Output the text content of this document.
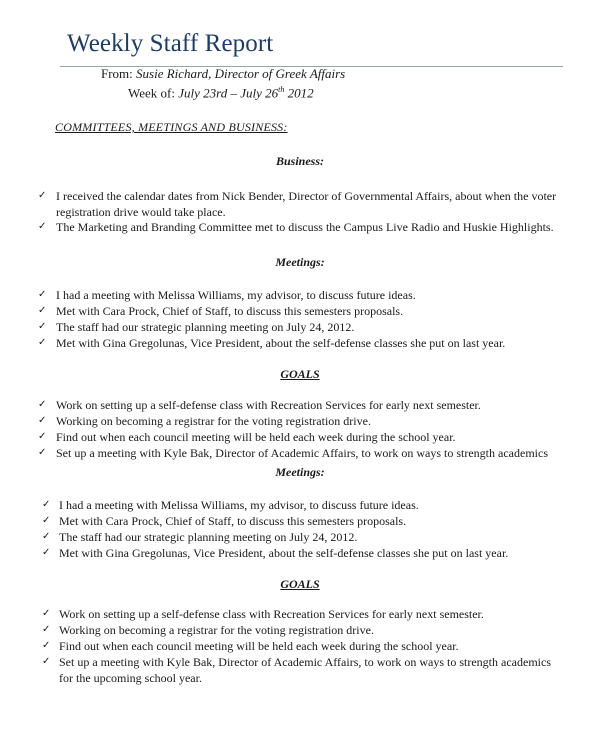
Weekly Staff Report
From: Susie Richard, Director of Greek Affairs
Week of: July 23rd – July 26th 2012
COMMITTEES, MEETINGS AND BUSINESS:
Business:
✓ I received the calendar dates from Nick Bender, Director of Governmental Affairs, about when the voter
registration drive would take place.
✓ The Marketing and Branding Committee met to discuss the Campus Live Radio and Huskie Highlights.
Meetings:
✓ I had a meeting with Melissa Williams, my advisor, to discuss future ideas.
✓ Met with Cara Prock, Chief of Staff, to discuss this semesters proposals.
✓ The staff had our strategic planning meeting on July 24, 2012.
✓ Met with Gina Gregolunas, Vice President, about the self-defense classes she put on last year.
GOALS
✓ Work on setting up a self-defense class with Recreation Services for early next semester.
✓ Working on becoming a registrar for the voting registration drive.
✓ Find out when each council meeting will be held each week during the school year.
✓ Set up a meeting with Kyle Bak, Director of Academic Affairs, to work on ways to strength academics
Meetings:
✓ I had a meeting with Melissa Williams, my advisor, to discuss future ideas.
✓ Met with Cara Prock, Chief of Staff, to discuss this semesters proposals.
✓ The staff had our strategic planning meeting on July 24, 2012.
✓ Met with Gina Gregolunas, Vice President, about the self-defense classes she put on last year.
GOALS
✓ Work on setting up a self-defense class with Recreation Services for early next semester.
✓ Working on becoming a registrar for the voting registration drive.
✓ Find out when each council meeting will be held each week during the school year.
✓ Set up a meeting with Kyle Bak, Director of Academic Affairs, to work on ways to strength academics
for the upcoming school year.
